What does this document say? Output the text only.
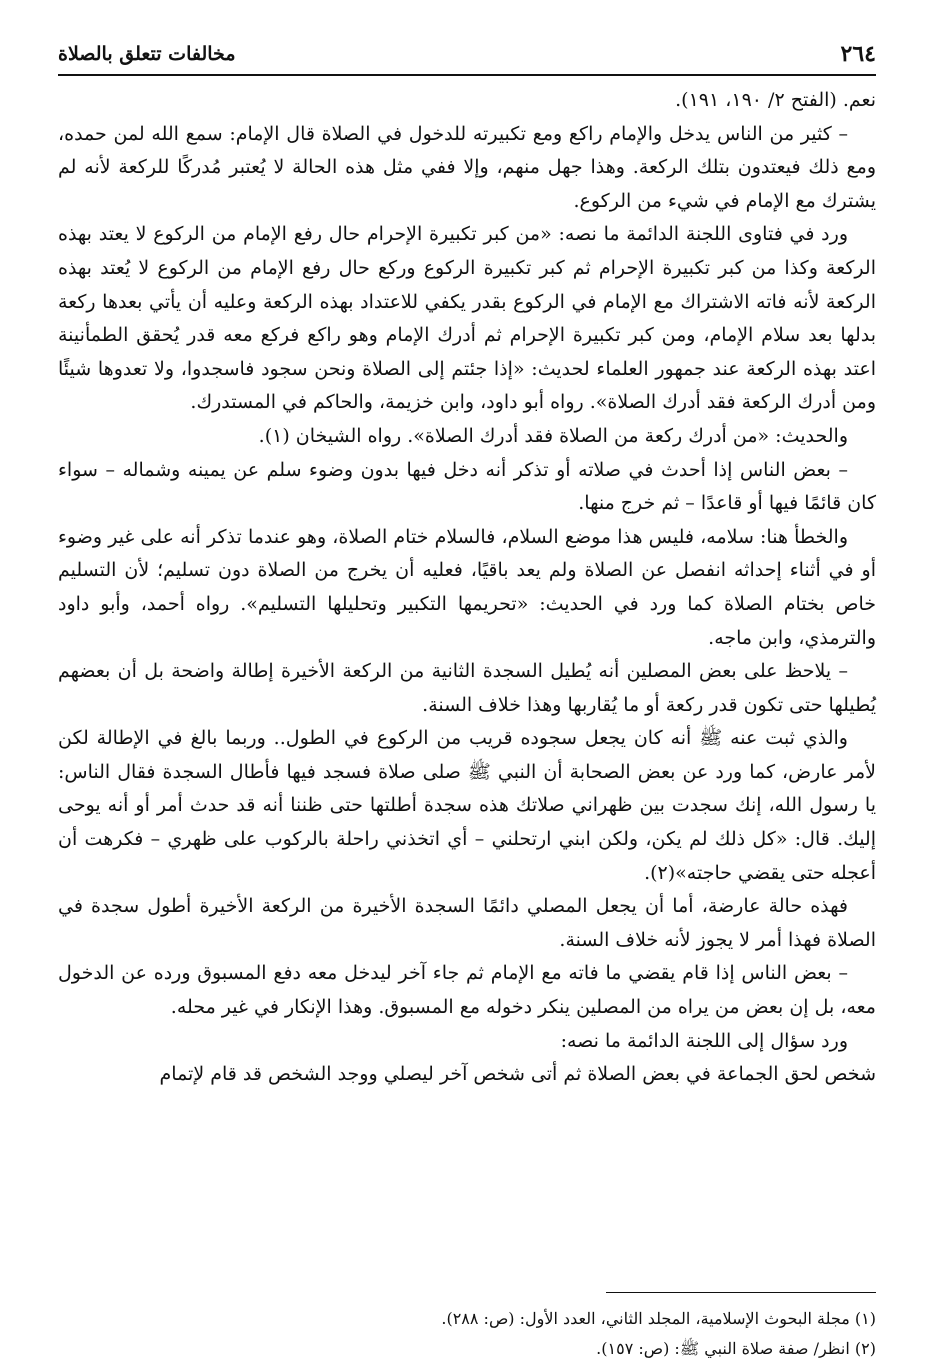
٢٦٤
مخالفات تتعلق بالصلاة

نعم. (الفتح ٢/ ١٩٠، ١٩١).

– كثير من الناس يدخل والإمام راكع ومع تكبيرته للدخول في الصلاة قال الإمام: سمع الله لمن حمده، ومع ذلك فيعتدون بتلك الركعة. وهذا جهل منهم، وإلا ففي مثل هذه الحالة لا يُعتبر مُدركًا للركعة لأنه لم يشترك مع الإمام في شيء من الركوع.

ورد في فتاوى اللجنة الدائمة ما نصه: «من كبر تكبيرة الإحرام حال رفع الإمام من الركوع لا يعتد بهذه الركعة وكذا من كبر تكبيرة الإحرام ثم كبر تكبيرة الركوع وركع حال رفع الإمام من الركوع لا يُعتد بهذه الركعة لأنه فاته الاشتراك مع الإمام في الركوع بقدر يكفي للاعتداد بهذه الركعة وعليه أن يأتي بعدها ركعة بدلها بعد سلام الإمام، ومن كبر تكبيرة الإحرام ثم أدرك الإمام وهو راكع فركع معه قدر يُحقق الطمأنينة اعتد بهذه الركعة عند جمهور العلماء لحديث: «إذا جئتم إلى الصلاة ونحن سجود فاسجدوا، ولا تعدوها شيئًا ومن أدرك الركعة فقد أدرك الصلاة». رواه أبو داود، وابن خزيمة، والحاكم في المستدرك.

والحديث: «من أدرك ركعة من الصلاة فقد أدرك الصلاة». رواه الشيخان (١).

– بعض الناس إذا أحدث في صلاته أو تذكر أنه دخل فيها بدون وضوء سلم عن يمينه وشماله – سواء كان قائمًا فيها أو قاعدًا – ثم خرج منها.

والخطأ هنا: سلامه، فليس هذا موضع السلام، فالسلام ختام الصلاة، وهو عندما تذكر أنه على غير وضوء أو في أثناء إحداثه انفصل عن الصلاة ولم يعد باقيًا، فعليه أن يخرج من الصلاة دون تسليم؛ لأن التسليم خاص بختام الصلاة كما ورد في الحديث: «تحريمها التكبير وتحليلها التسليم». رواه أحمد، وأبو داود والترمذي، وابن ماجه.

– يلاحظ على بعض المصلين أنه يُطيل السجدة الثانية من الركعة الأخيرة إطالة واضحة بل أن بعضهم يُطيلها حتى تكون قدر ركعة أو ما يُقاربها وهذا خلاف السنة.

والذي ثبت عنه ﷺ أنه كان يجعل سجوده قريب من الركوع في الطول.. وربما بالغ في الإطالة لكن لأمر عارض، كما ورد عن بعض الصحابة أن النبي ﷺ صلى صلاة فسجد فيها فأطال السجدة فقال الناس: يا رسول الله، إنك سجدت بين ظهراني صلاتك هذه سجدة أطلتها حتى ظننا أنه قد حدث أمر أو أنه يوحى إليك. قال: «كل ذلك لم يكن، ولكن ابني ارتحلني – أي اتخذني راحلة بالركوب على ظهري – فكرهت أن أعجله حتى يقضي حاجته»(٢).

فهذه حالة عارضة، أما أن يجعل المصلي دائمًا السجدة الأخيرة من الركعة الأخيرة أطول سجدة في الصلاة فهذا أمر لا يجوز لأنه خلاف السنة.

– بعض الناس إذا قام يقضي ما فاته مع الإمام ثم جاء آخر ليدخل معه دفع المسبوق ورده عن الدخول معه، بل إن بعض من يراه من المصلين ينكر دخوله مع المسبوق. وهذا الإنكار في غير محله.

ورد سؤال إلى اللجنة الدائمة ما نصه:

شخص لحق الجماعة في بعض الصلاة ثم أتى شخص آخر ليصلي ووجد الشخص قد قام لإتمام

(١) مجلة البحوث الإسلامية، المجلد الثاني، العدد الأول: (ص: ٢٨٨).

(٢) انظر/ صفة صلاة النبي ﷺ: (ص: ١٥٧).
